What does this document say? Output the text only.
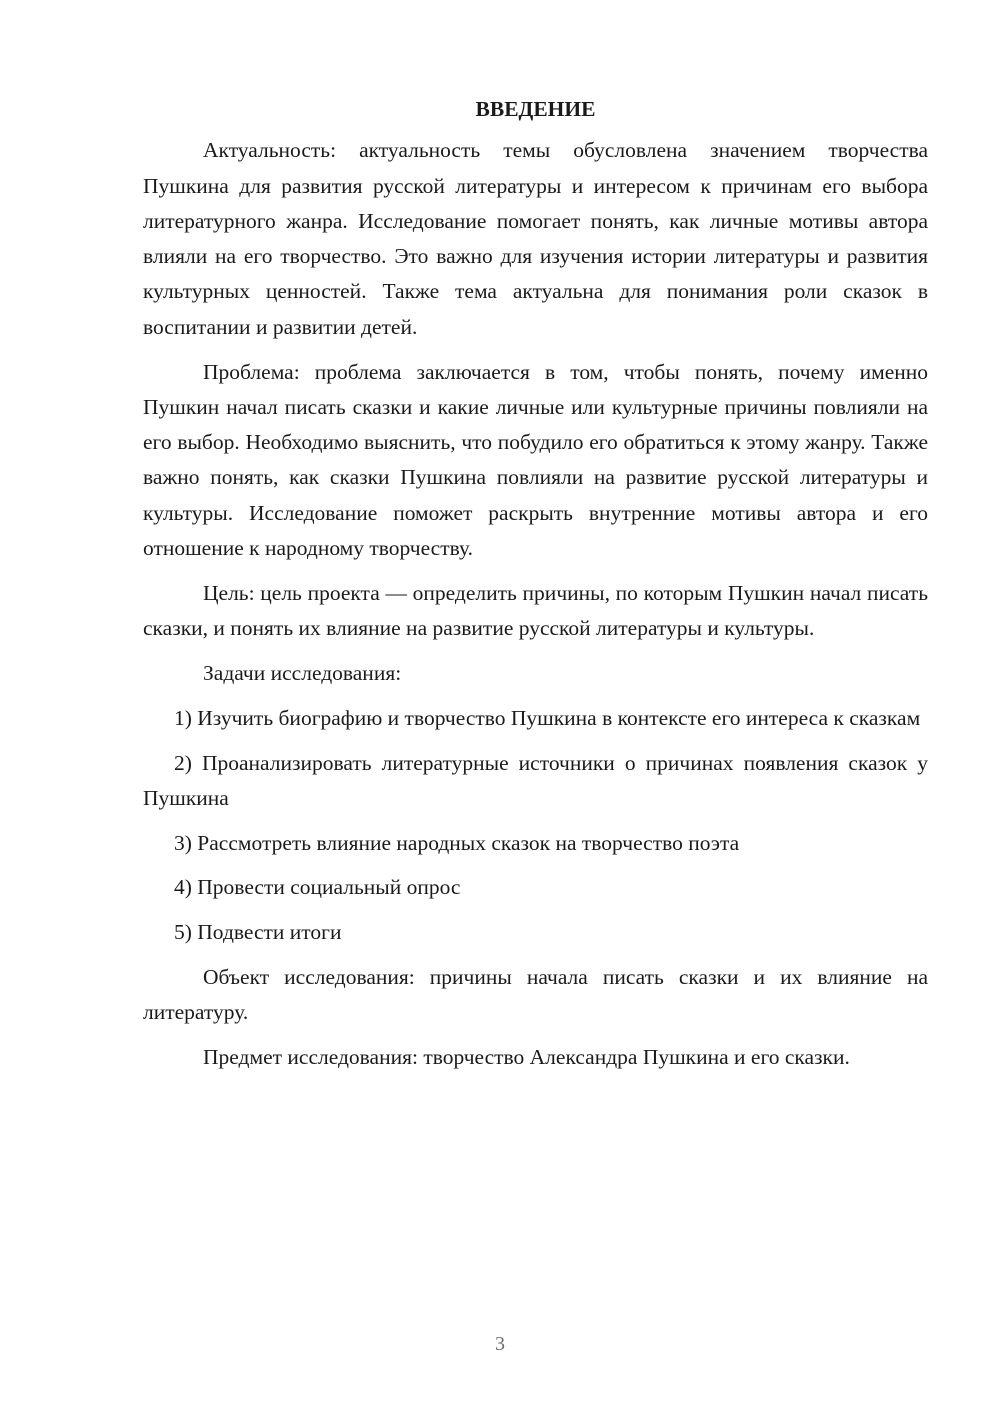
ВВЕДЕНИЕ

Актуальность: актуальность темы обусловлена значением творчества Пушкина для развития русской литературы и интересом к причинам его выбора литературного жанра. Исследование помогает понять, как личные мотивы автора влияли на его творчество. Это важно для изучения истории литературы и развития культурных ценностей. Также тема актуальна для понимания роли сказок в воспитании и развитии детей.

Проблема: проблема заключается в том, чтобы понять, почему именно Пушкин начал писать сказки и какие личные или культурные причины повлияли на его выбор. Необходимо выяснить, что побудило его обратиться к этому жанру. Также важно понять, как сказки Пушкина повлияли на развитие русской литературы и культуры. Исследование поможет раскрыть внутренние мотивы автора и его отношение к народному творчеству.

Цель: цель проекта — определить причины, по которым Пушкин начал писать сказки, и понять их влияние на развитие русской литературы и культуры.

Задачи исследования:

1) Изучить биографию и творчество Пушкина в контексте его интереса к сказкам

2) Проанализировать литературные источники о причинах появления сказок у Пушкина

3) Рассмотреть влияние народных сказок на творчество поэта

4) Провести социальный опрос

5) Подвести итоги

Объект исследования: причины начала писать сказки и их влияние на литературу.

Предмет исследования: творчество Александра Пушкина и его сказки.

3
